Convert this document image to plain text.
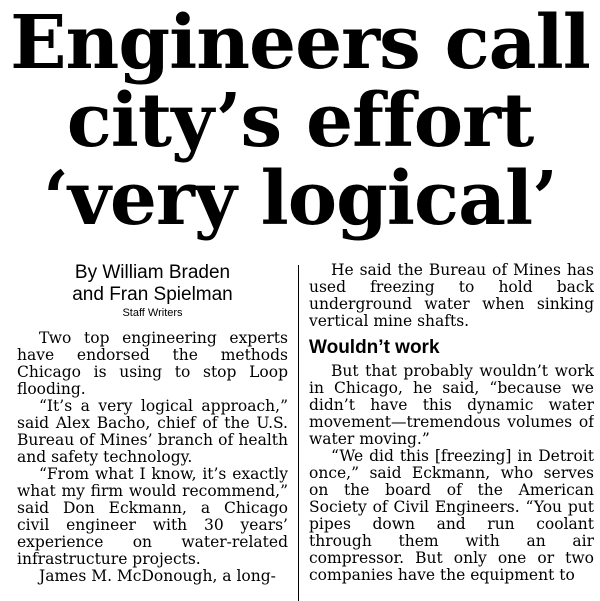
Engineers call
city’s effort
‘very logical’
By William Braden
and Fran Spielman
Staff Writers

Two top engineering experts have endorsed the methods Chicago is using to stop Loop flooding.

“It’s a very logical approach,” said Alex Bacho, chief of the U.S. Bureau of Mines’ branch of health and safety technology.

“From what I know, it’s exactly what my firm would recommend,” said Don Eckmann, a Chicago civil engineer with 30 years’ experience on water-related infrastructure projects.

James M. McDonough, a long-

He said the Bureau of Mines has used freezing to hold back underground water when sinking vertical mine shafts.

Wouldn’t work

But that probably wouldn’t work in Chicago, he said, “because we didn’t have this dynamic water movement—tremendous volumes of water moving.”

“We did this [freezing] in Detroit once,” said Eckmann, who serves on the board of the American Society of Civil Engineers. “You put pipes down and run coolant through them with an air compressor. But only one or two companies have the equipment to
